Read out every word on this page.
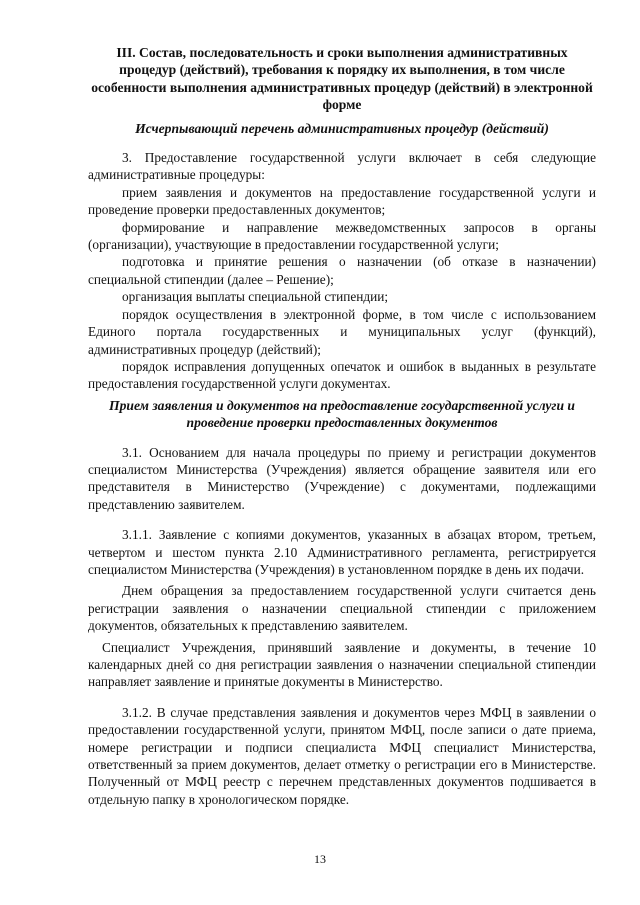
III. Состав, последовательность и сроки выполнения административных процедур (действий), требования к порядку их выполнения, в том числе особенности выполнения административных процедур (действий) в электронной форме
Исчерпывающий перечень административных процедур (действий)

3. Предоставление государственной услуги включает в себя следующие административные процедуры:

прием заявления и документов на предоставление государственной услуги и проведение проверки предоставленных документов;

формирование и направление межведомственных запросов в органы (организации), участвующие в предоставлении государственной услуги;

подготовка и принятие решения о назначении (об отказе в назначении) специальной стипендии (далее – Решение);

организация выплаты специальной стипендии;

порядок осуществления в электронной форме, в том числе с использованием Единого портала государственных и муниципальных услуг (функций), административных процедур (действий);

порядок исправления допущенных опечаток и ошибок в выданных в результате предоставления государственной услуги документах.

Прием заявления и документов на предоставление государственной услуги и проведение проверки предоставленных документов

3.1. Основанием для начала процедуры по приему и регистрации документов специалистом Министерства (Учреждения) является обращение заявителя или его представителя в Министерство (Учреждение) с документами, подлежащими представлению заявителем.

3.1.1. Заявление с копиями документов, указанных в абзацах втором, третьем, четвертом и шестом пункта 2.10 Административного регламента, регистрируется специалистом Министерства (Учреждения) в установленном порядке в день их подачи.

Днем обращения за предоставлением государственной услуги считается день регистрации заявления о назначении специальной стипендии с приложением документов, обязательных к представлению заявителем.

Специалист Учреждения, принявший заявление и документы, в течение 10 календарных дней со дня регистрации заявления о назначении специальной стипендии направляет заявление и принятые документы в Министерство.

3.1.2. В случае представления заявления и документов через МФЦ в заявлении о предоставлении государственной услуги, принятом МФЦ, после записи о дате приема, номере регистрации и подписи специалиста МФЦ специалист Министерства, ответственный за прием документов, делает отметку о регистрации его в Министерстве. Полученный от МФЦ реестр с перечнем представленных документов подшивается в отдельную папку в хронологическом порядке.

13
